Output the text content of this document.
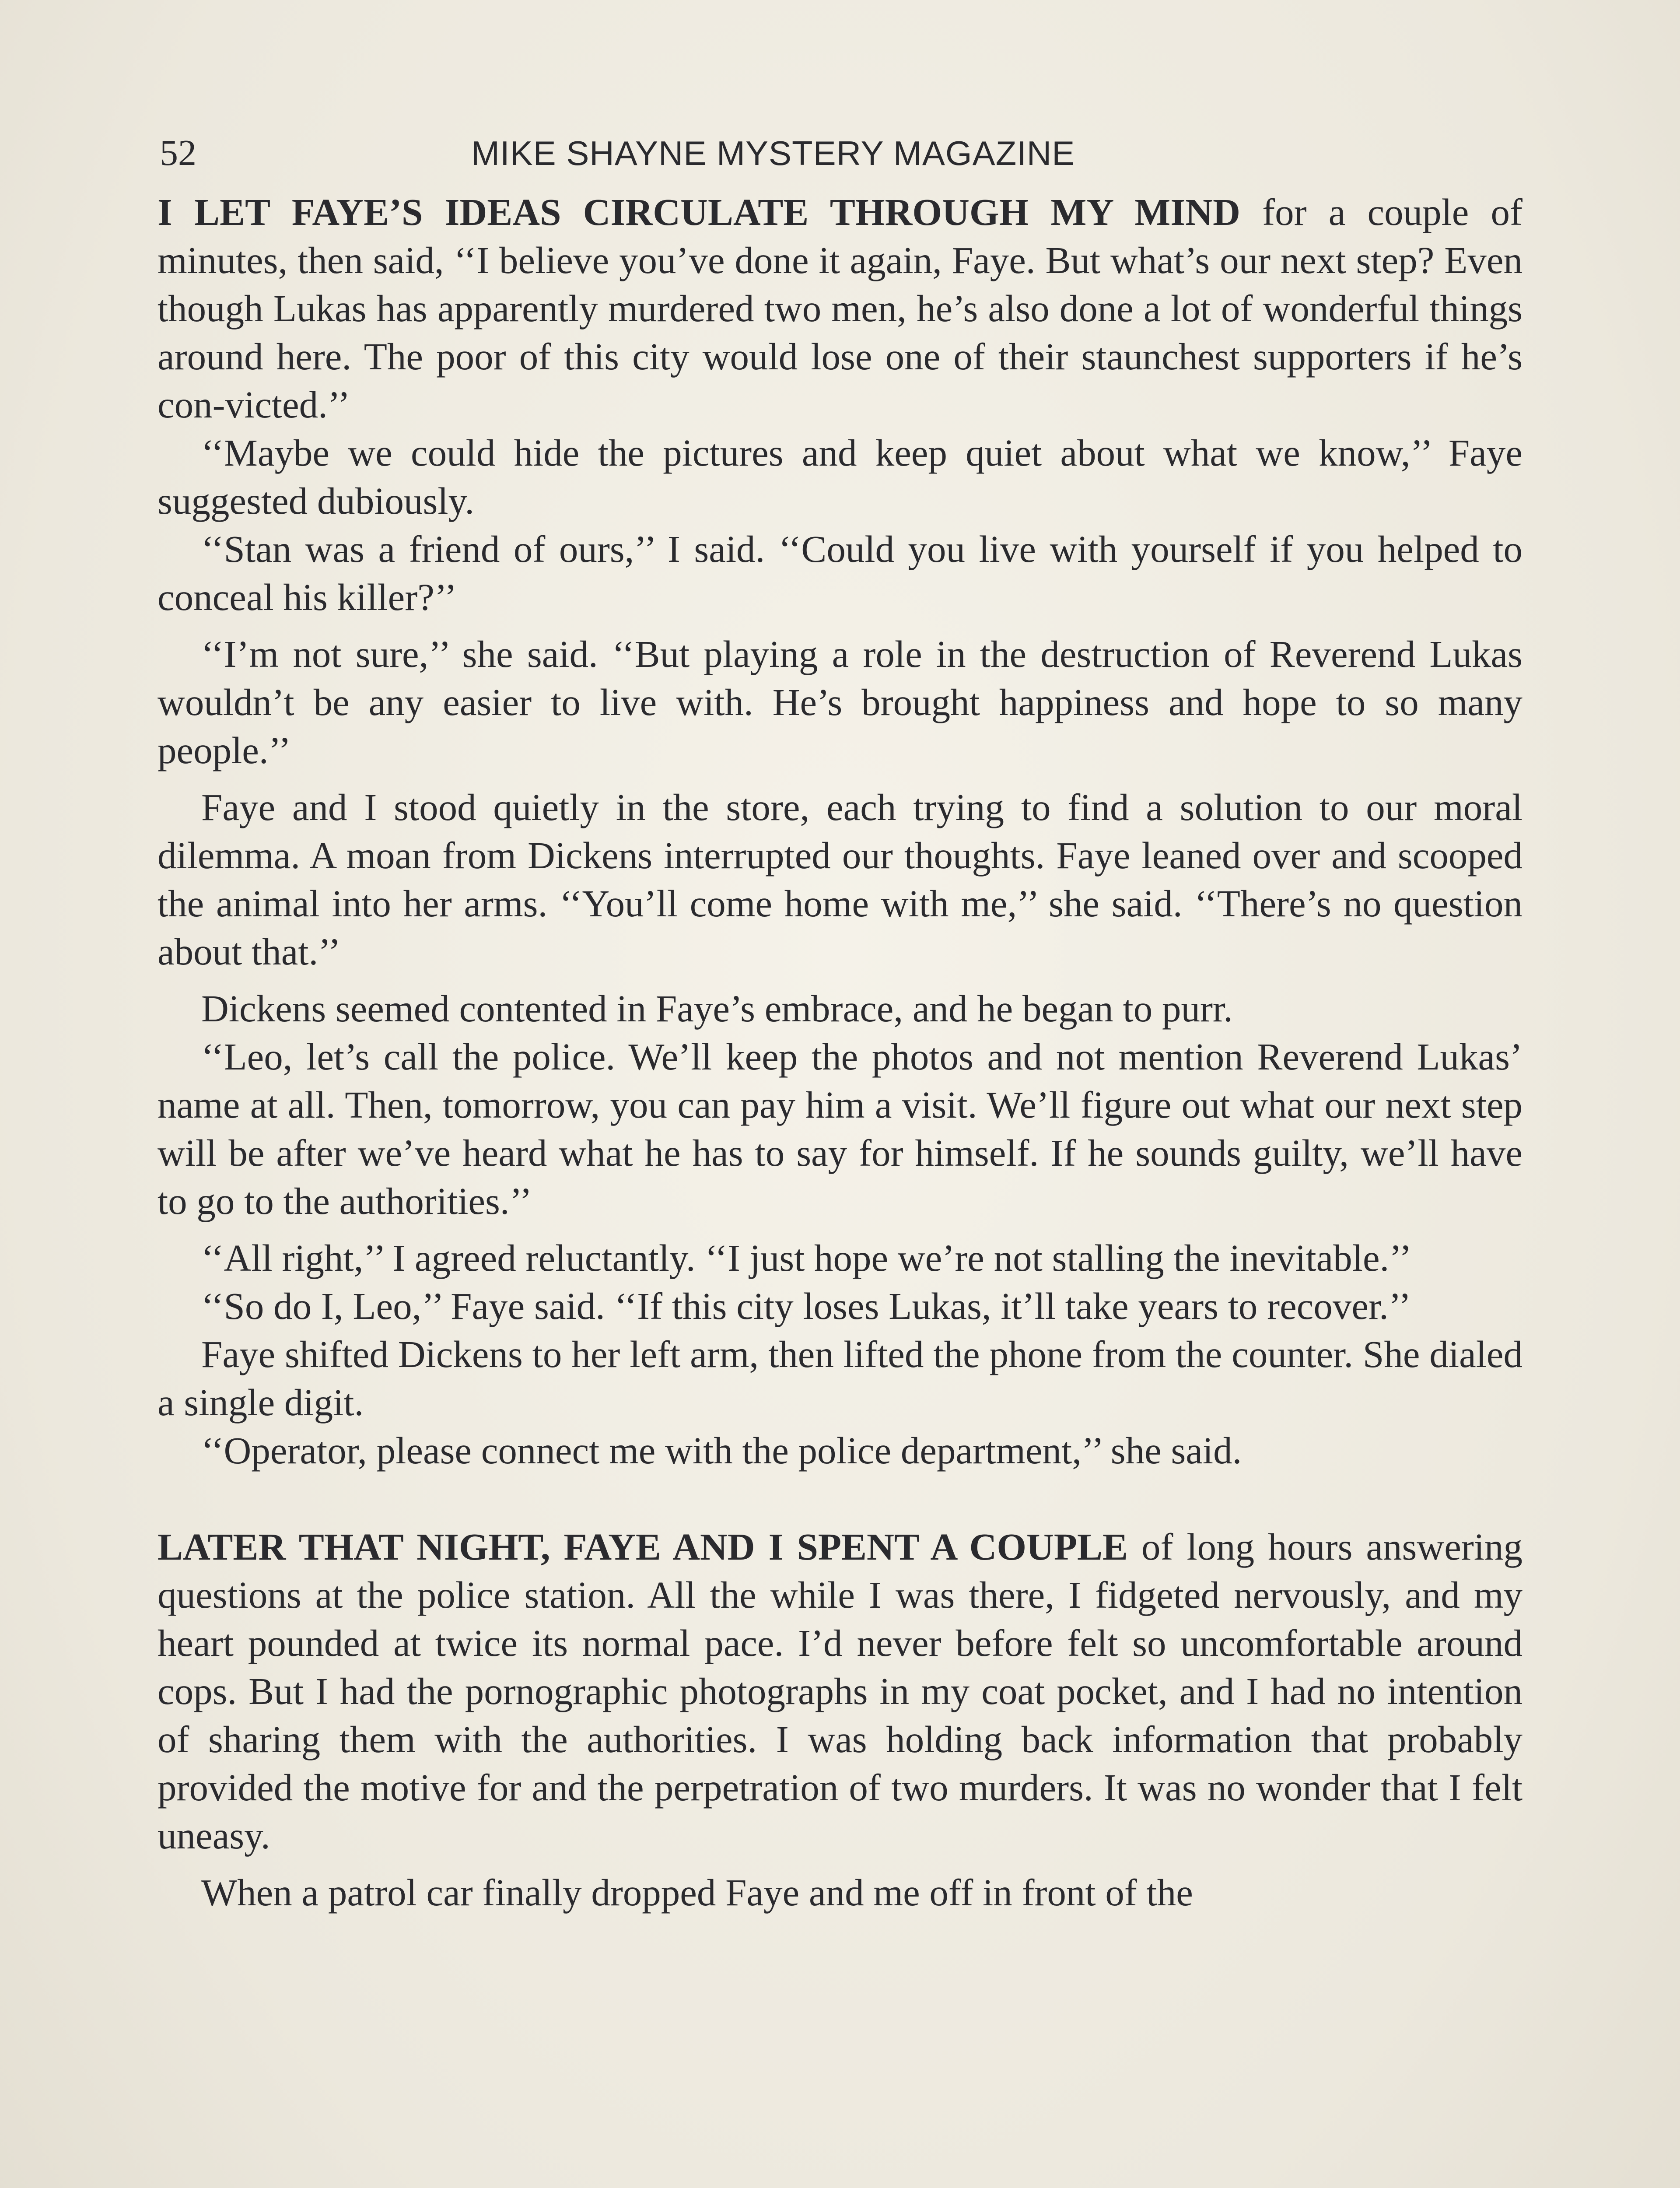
52	MIKE SHAYNE MYSTERY MAGAZINE

I LET FAYE’S IDEAS CIRCULATE THROUGH MY MIND for a couple of minutes, then said, ‘‘I believe you’ve done it again, Faye. But what’s our next step? Even though Lukas has apparently murdered two men, he’s also done a lot of wonderful things around here. The poor of this city would lose one of their staunchest supporters if he’s con-victed.’’

‘‘Maybe we could hide the pictures and keep quiet about what we know,’’ Faye suggested dubiously.

‘‘Stan was a friend of ours,’’ I said. ‘‘Could you live with yourself if you helped to conceal his killer?’’

‘‘I’m not sure,’’ she said. ‘‘But playing a role in the destruction of Reverend Lukas wouldn’t be any easier to live with. He’s brought happiness and hope to so many people.’’

Faye and I stood quietly in the store, each trying to find a solution to our moral dilemma. A moan from Dickens interrupted our thoughts. Faye leaned over and scooped the animal into her arms. ‘‘You’ll come home with me,’’ she said. ‘‘There’s no question about that.’’

Dickens seemed contented in Faye’s embrace, and he began to purr.

‘‘Leo, let’s call the police. We’ll keep the photos and not mention Reverend Lukas’ name at all. Then, tomorrow, you can pay him a visit. We’ll figure out what our next step will be after we’ve heard what he has to say for himself. If he sounds guilty, we’ll have to go to the authorities.’’

‘‘All right,’’ I agreed reluctantly. ‘‘I just hope we’re not stalling the inevitable.’’

‘‘So do I, Leo,’’ Faye said. ‘‘If this city loses Lukas, it’ll take years to recover.’’

Faye shifted Dickens to her left arm, then lifted the phone from the counter. She dialed a single digit.

‘‘Operator, please connect me with the police department,’’ she said.

LATER THAT NIGHT, FAYE AND I SPENT A COUPLE of long hours answering questions at the police station. All the while I was there, I fidgeted nervously, and my heart pounded at twice its normal pace. I’d never before felt so uncomfortable around cops. But I had the pornographic photographs in my coat pocket, and I had no intention of sharing them with the authorities. I was holding back information that probably provided the motive for and the perpetration of two murders. It was no wonder that I felt uneasy.

When a patrol car finally dropped Faye and me off in front of the
